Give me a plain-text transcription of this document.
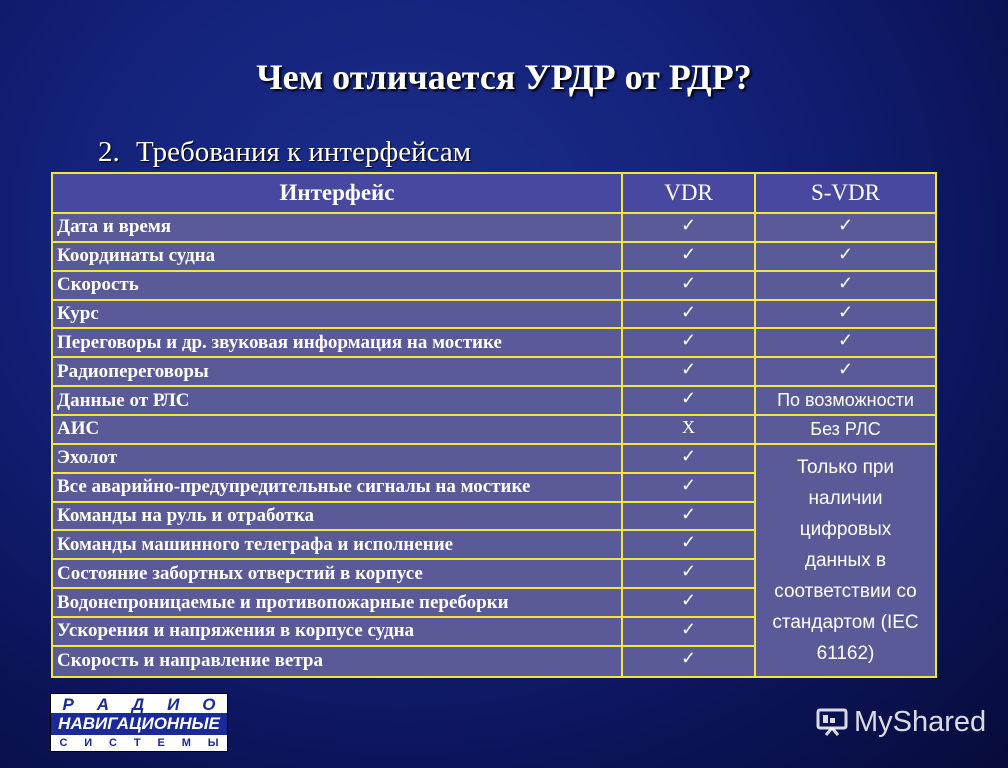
Чем отличается УРДР от РДР?
2. Требования к интерфейсам
Интерфейс	VDR	S-VDR
Дата и время	✓	✓
Координаты судна	✓	✓
Скорость	✓	✓
Курс	✓	✓
Переговоры и др. звуковая информация на мостике	✓	✓
Радиопереговоры	✓	✓
Данные от РЛС	✓	По возможности
АИС	Х	Без РЛС
Эхолот	✓	Только при наличии цифровых данных в соответствии со стандартом (IEC 61162)
Все аварийно-предупредительные сигналы на мостике	✓	
Команды на руль и отработка	✓	
Команды машинного телеграфа и исполнение	✓	
Состояние забортных отверстий в корпусе	✓	
Водонепроницаемые и противопожарные переборки	✓	
Ускорения и напряжения в корпусе судна	✓	
Скорость и направление ветра	✓	
Р А Д И О
НАВИГАЦИОННЫЕ
С И С Т Е М Ы
MyShared
